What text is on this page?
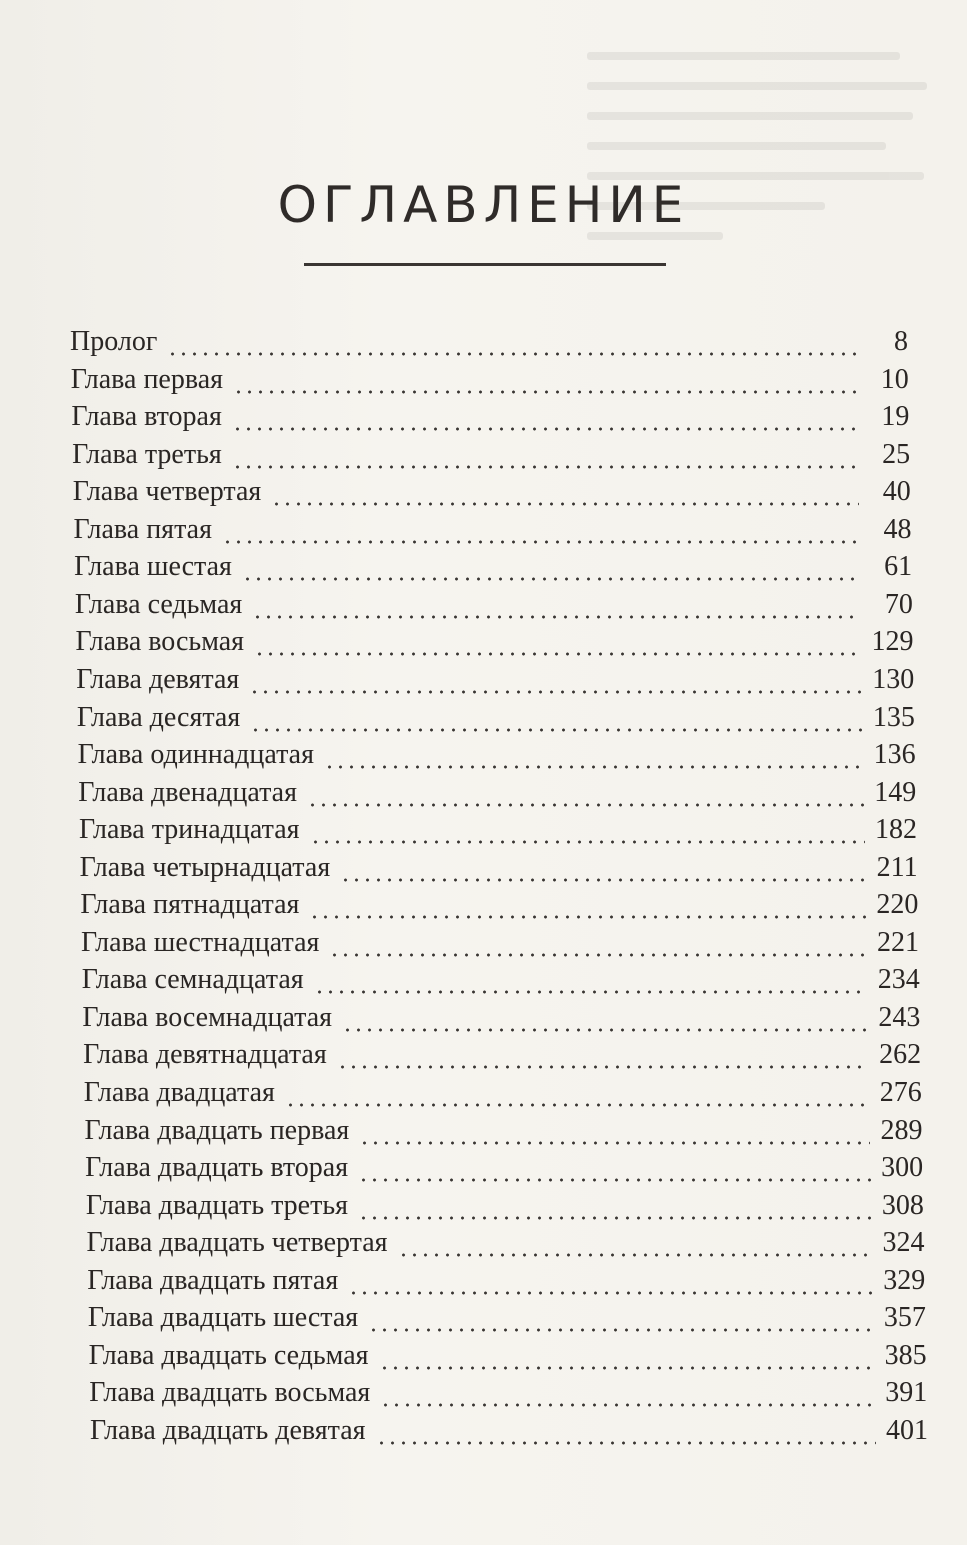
ОГЛАВЛЕНИЕ
Пролог	8
Глава первая	10
Глава вторая	19
Глава третья	25
Глава четвертая	40
Глава пятая	48
Глава шестая	61
Глава седьмая	70
Глава восьмая	129
Глава девятая	130
Глава десятая	135
Глава одиннадцатая	136
Глава двенадцатая	149
Глава тринадцатая	182
Глава четырнадцатая	211
Глава пятнадцатая	220
Глава шестнадцатая	221
Глава семнадцатая	234
Глава восемнадцатая	243
Глава девятнадцатая	262
Глава двадцатая	276
Глава двадцать первая	289
Глава двадцать вторая	300
Глава двадцать третья	308
Глава двадцать четвертая	324
Глава двадцать пятая	329
Глава двадцать шестая	357
Глава двадцать седьмая	385
Глава двадцать восьмая	391
Глава двадцать девятая	401
